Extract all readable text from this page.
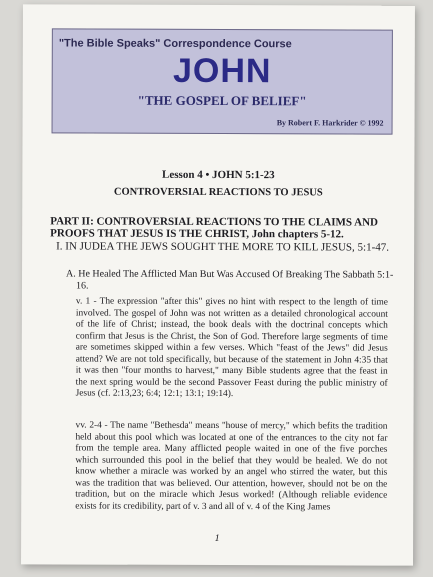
"The Bible Speaks" Correspondence Course
JOHN
"THE GOSPEL OF BELIEF"
By Robert F. Harkrider © 1992
Lesson 4 • JOHN 5:1-23
CONTROVERSIAL REACTIONS TO JESUS
PART II: CONTROVERSIAL REACTIONS TO THE CLAIMS AND PROOFS THAT JESUS IS THE CHRIST, John chapters 5-12.
I. IN JUDEA THE JEWS SOUGHT THE MORE TO KILL JESUS, 5:1-47.
A. He Healed The Afflicted Man But Was Accused Of Breaking The Sabbath 5:1-16.

v. 1 - The expression "after this" gives no hint with respect to the length of time involved. The gospel of John was not written as a detailed chronological account of the life of Christ; instead, the book deals with the doctrinal concepts which confirm that Jesus is the Christ, the Son of God. Therefore large segments of time are sometimes skipped within a few verses. Which "feast of the Jews" did Jesus attend? We are not told specifically, but because of the statement in John 4:35 that it was then "four months to harvest," many Bible students agree that the feast in the next spring would be the second Passover Feast during the public ministry of Jesus (cf. 2:13,23; 6:4; 12:1; 13:1; 19:14).

vv. 2-4 - The name "Bethesda" means "house of mercy," which befits the tradition held about this pool which was located at one of the entrances to the city not far from the temple area. Many afflicted people waited in one of the five porches which surrounded this pool in the belief that they would be healed. We do not know whether a miracle was worked by an angel who stirred the water, but this was the tradition that was believed. Our attention, however, should not be on the tradition, but on the miracle which Jesus worked! (Although reliable evidence exists for its credibility, part of v. 3 and all of v. 4 of the King James

1
